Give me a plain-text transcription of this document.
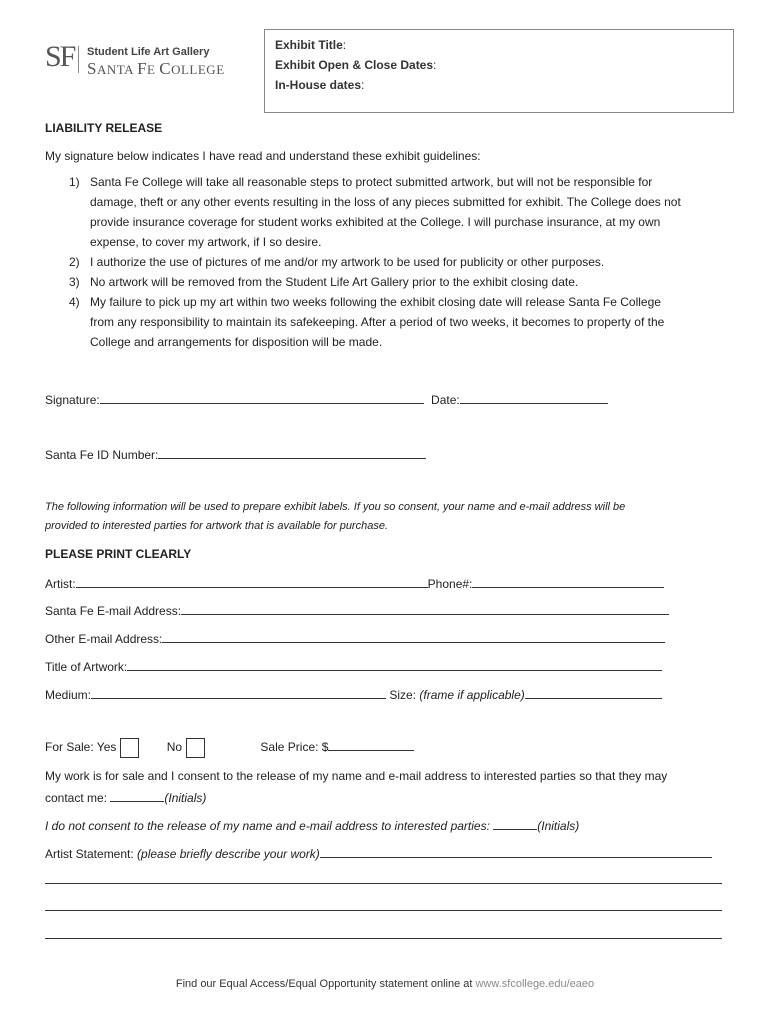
SF Student Life Art Gallery
SANTA FE COLLEGE
Exhibit Title:
Exhibit Open & Close Dates:
In-House dates:
LIABILITY RELEASE
My signature below indicates I have read and understand these exhibit guidelines:
1) Santa Fe College will take all reasonable steps to protect submitted artwork, but will not be responsible for
damage, theft or any other events resulting in the loss of any pieces submitted for exhibit. The College does not
provide insurance coverage for student works exhibited at the College. I will purchase insurance, at my own
expense, to cover my artwork, if I so desire.
2) I authorize the use of pictures of me and/or my artwork to be used for publicity or other purposes.
3) No artwork will be removed from the Student Life Art Gallery prior to the exhibit closing date.
4) My failure to pick up my art within two weeks following the exhibit closing date will release Santa Fe College
from any responsibility to maintain its safekeeping. After a period of two weeks, it becomes to property of the
College and arrangements for disposition will be made.
Signature:	Date:
Santa Fe ID Number:
The following information will be used to prepare exhibit labels. If you so consent, your name and e-mail address will be
provided to interested parties for artwork that is available for purchase.
PLEASE PRINT CLEARLY
Artist:	Phone#:
Santa Fe E-mail Address:
Other E-mail Address:
Title of Artwork:
Medium:	Size: (frame if applicable)
For Sale: Yes	No	Sale Price: $
My work is for sale and I consent to the release of my name and e-mail address to interested parties so that they may
contact me:	(Initials)
I do not consent to the release of my name and e-mail address to interested parties:	(Initials)
Artist Statement: (please briefly describe your work)
Find our Equal Access/Equal Opportunity statement online at www.sfcollege.edu/eaeo
